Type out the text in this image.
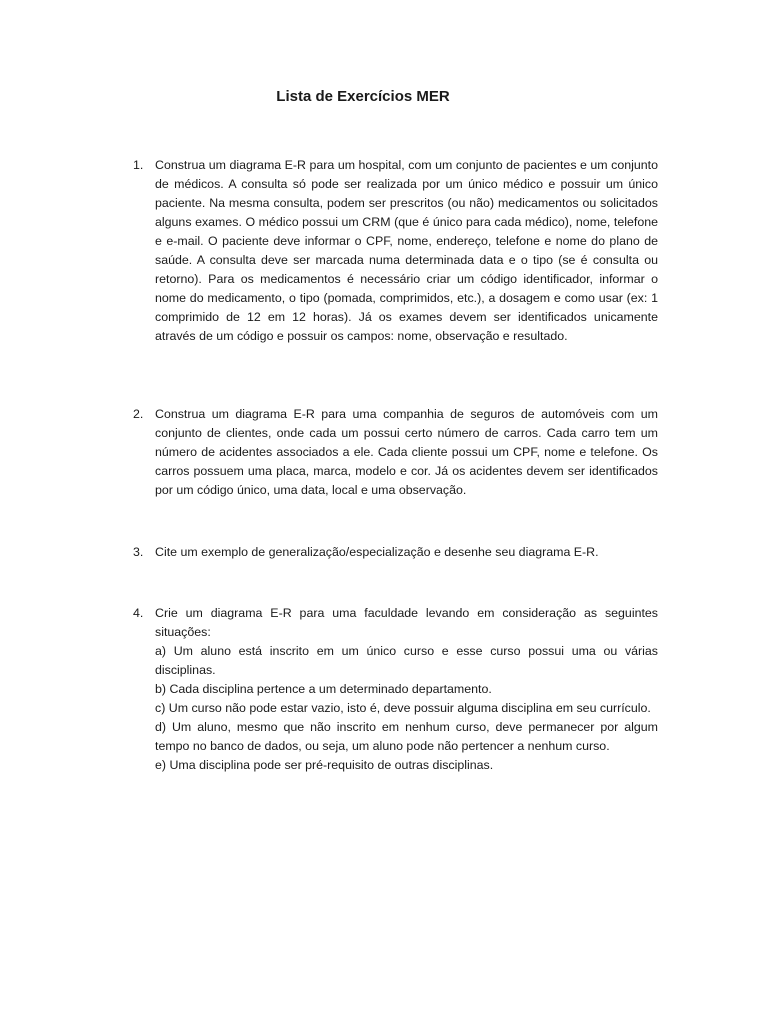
Lista de Exercícios MER
1. Construa um diagrama E-R para um hospital, com um conjunto de pacientes e um conjunto de médicos. A consulta só pode ser realizada por um único médico e possuir um único paciente. Na mesma consulta, podem ser prescritos (ou não) medicamentos ou solicitados alguns exames. O médico possui um CRM (que é único para cada médico), nome, telefone e e-mail. O paciente deve informar o CPF, nome, endereço, telefone e nome do plano de saúde. A consulta deve ser marcada numa determinada data e o tipo (se é consulta ou retorno). Para os medicamentos é necessário criar um código identificador, informar o nome do medicamento, o tipo (pomada, comprimidos, etc.), a dosagem e como usar (ex: 1 comprimido de 12 em 12 horas). Já os exames devem ser identificados unicamente através de um código e possuir os campos: nome, observação e resultado.

2. Construa um diagrama E-R para uma companhia de seguros de automóveis com um conjunto de clientes, onde cada um possui certo número de carros. Cada carro tem um número de acidentes associados a ele. Cada cliente possui um CPF, nome e telefone. Os carros possuem uma placa, marca, modelo e cor. Já os acidentes devem ser identificados por um código único, uma data, local e uma observação.

3. Cite um exemplo de generalização/especialização e desenhe seu diagrama E-R.

4. Crie um diagrama E-R para uma faculdade levando em consideração as seguintes situações:

a) Um aluno está inscrito em um único curso e esse curso possui uma ou várias disciplinas.

b) Cada disciplina pertence a um determinado departamento.

c) Um curso não pode estar vazio, isto é, deve possuir alguma disciplina em seu currículo.

d) Um aluno, mesmo que não inscrito em nenhum curso, deve permanecer por algum tempo no banco de dados, ou seja, um aluno pode não pertencer a nenhum curso.

e) Uma disciplina pode ser pré-requisito de outras disciplinas.
